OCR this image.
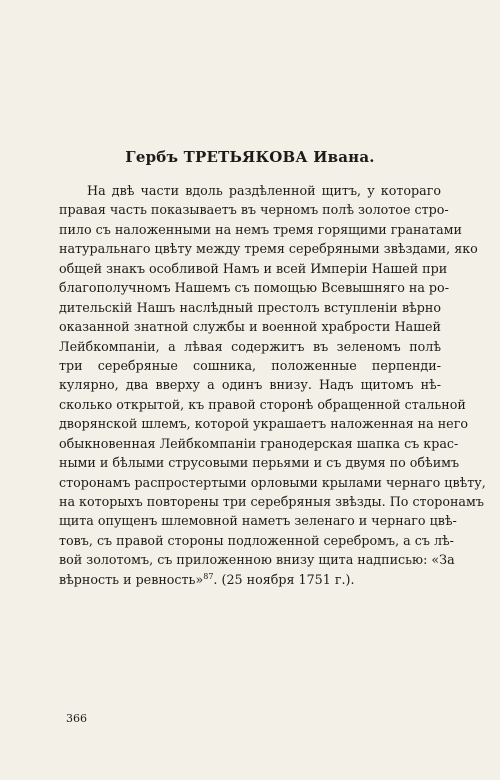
Гербъ ТРЕТЬЯКОВА Ивана.
На двѣ части вдоль раздѣленной щитъ, у котораго
правая часть показываетъ въ черномъ полѣ золотое стро-
пило съ наложенными на немъ тремя горящими гранатами
натуральнаго цвѣту между тремя серебряными звѣздами, яко
общей знакъ особливой Намъ и всей Имперіи Нашей при
благополучномъ Нашемъ съ помощью Всевышняго на ро-
дительскій Нашъ наслѣдный престолъ вступленіи вѣрно
оказанной знатной службы и военной храбрости Нашей
Лейбкомпаніи, а лѣвая содержитъ въ зеленомъ полѣ
три серебряные сошника, положенные перпенди-
кулярно, два вверху а одинъ внизу. Надъ щитомъ нѣ-
сколько открытой, къ правой сторонѣ обращенной стальной
дворянской шлемъ, которой украшаетъ наложенная на него
обыкновенная Лейбкомпаніи гранодерская шапка съ крас-
ными и бѣлыми струсовыми перьями и съ двумя по обѣимъ
сторонамъ распростертыми орловыми крылами чернаго цвѣту,
на которыхъ повторены три серебряныя звѣзды. По сторонамъ
щита опущенъ шлемовной наметъ зеленаго и чернаго цвѣ-
товъ, съ правой стороны подложенной серебромъ, а съ лѣ-
вой золотомъ, съ приложенною внизу щита надписью: «За
вѣрность и ревность»$^{87}$. (25 ноября 1751 г.).
366
